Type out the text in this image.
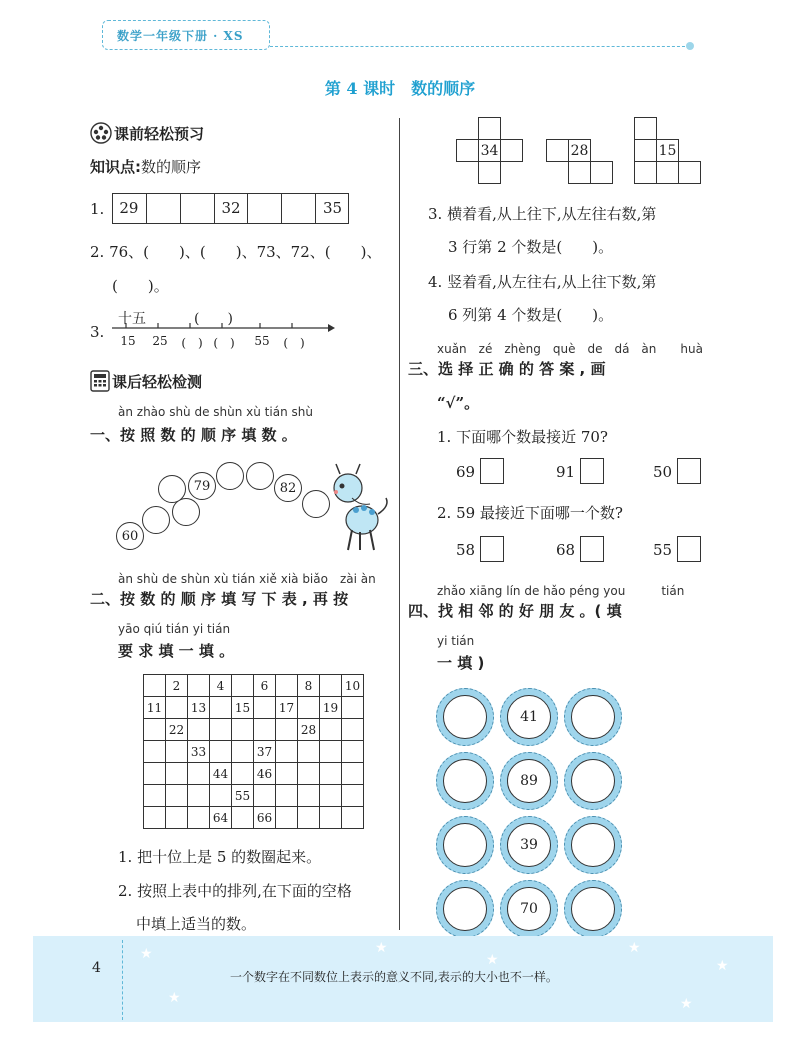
数学一年级下册 · XS
第 4 课时　数的顺序
课前轻松预习
知识点:数的顺序
1.	29	32	35
2. 76、(　　)、(　　)、73、72、(　　)、
(　　)。
3.
十五	(　　)
15	25	(　) (　)	55	(　)
课后轻松检测
àn zhào shù de shùn xù tián shù
一、按 照 数 的 顺 序 填 数 。
60
79	82
àn shù de shùn xù tián xiě xià biǎo　zài àn
二、按 数 的 顺 序 填 写 下 表 , 再 按
yāo qiú tián yi tián
要 求 填 一 填 。
	2		4		6		8		10
11		13		15		17		19	
	22						28		
		33			37				
			44		46				
				55					
			64		66				
1. 把十位上是 5 的数圈起来。
2. 按照上表中的排列,在下面的空格
中填上适当的数。
34	28	15
3. 横着看,从上往下,从左往右数,第
3 行第 2 个数是(　　)。
4. 竖着看,从左往右,从上往下数,第
6 列第 4 个数是(　　)。
xuǎn　zé　zhèng　què　de　dá　àn　　huà
三、选 择 正 确 的 答 案 , 画
“√”。
1. 下面哪个数最接近 70?
69	91	50
2. 59 最接近下面哪一个数?
58	68	55
zhǎo xiāng lín de hǎo péng you　　　tián
四、找 相 邻 的 好 朋 友 。( 填
yi tián
一 填 )
41
89
39
70
4
一个数字在不同数位上表示的意义不同,表示的大小也不一样。
★
★
★
★
★
★
★
